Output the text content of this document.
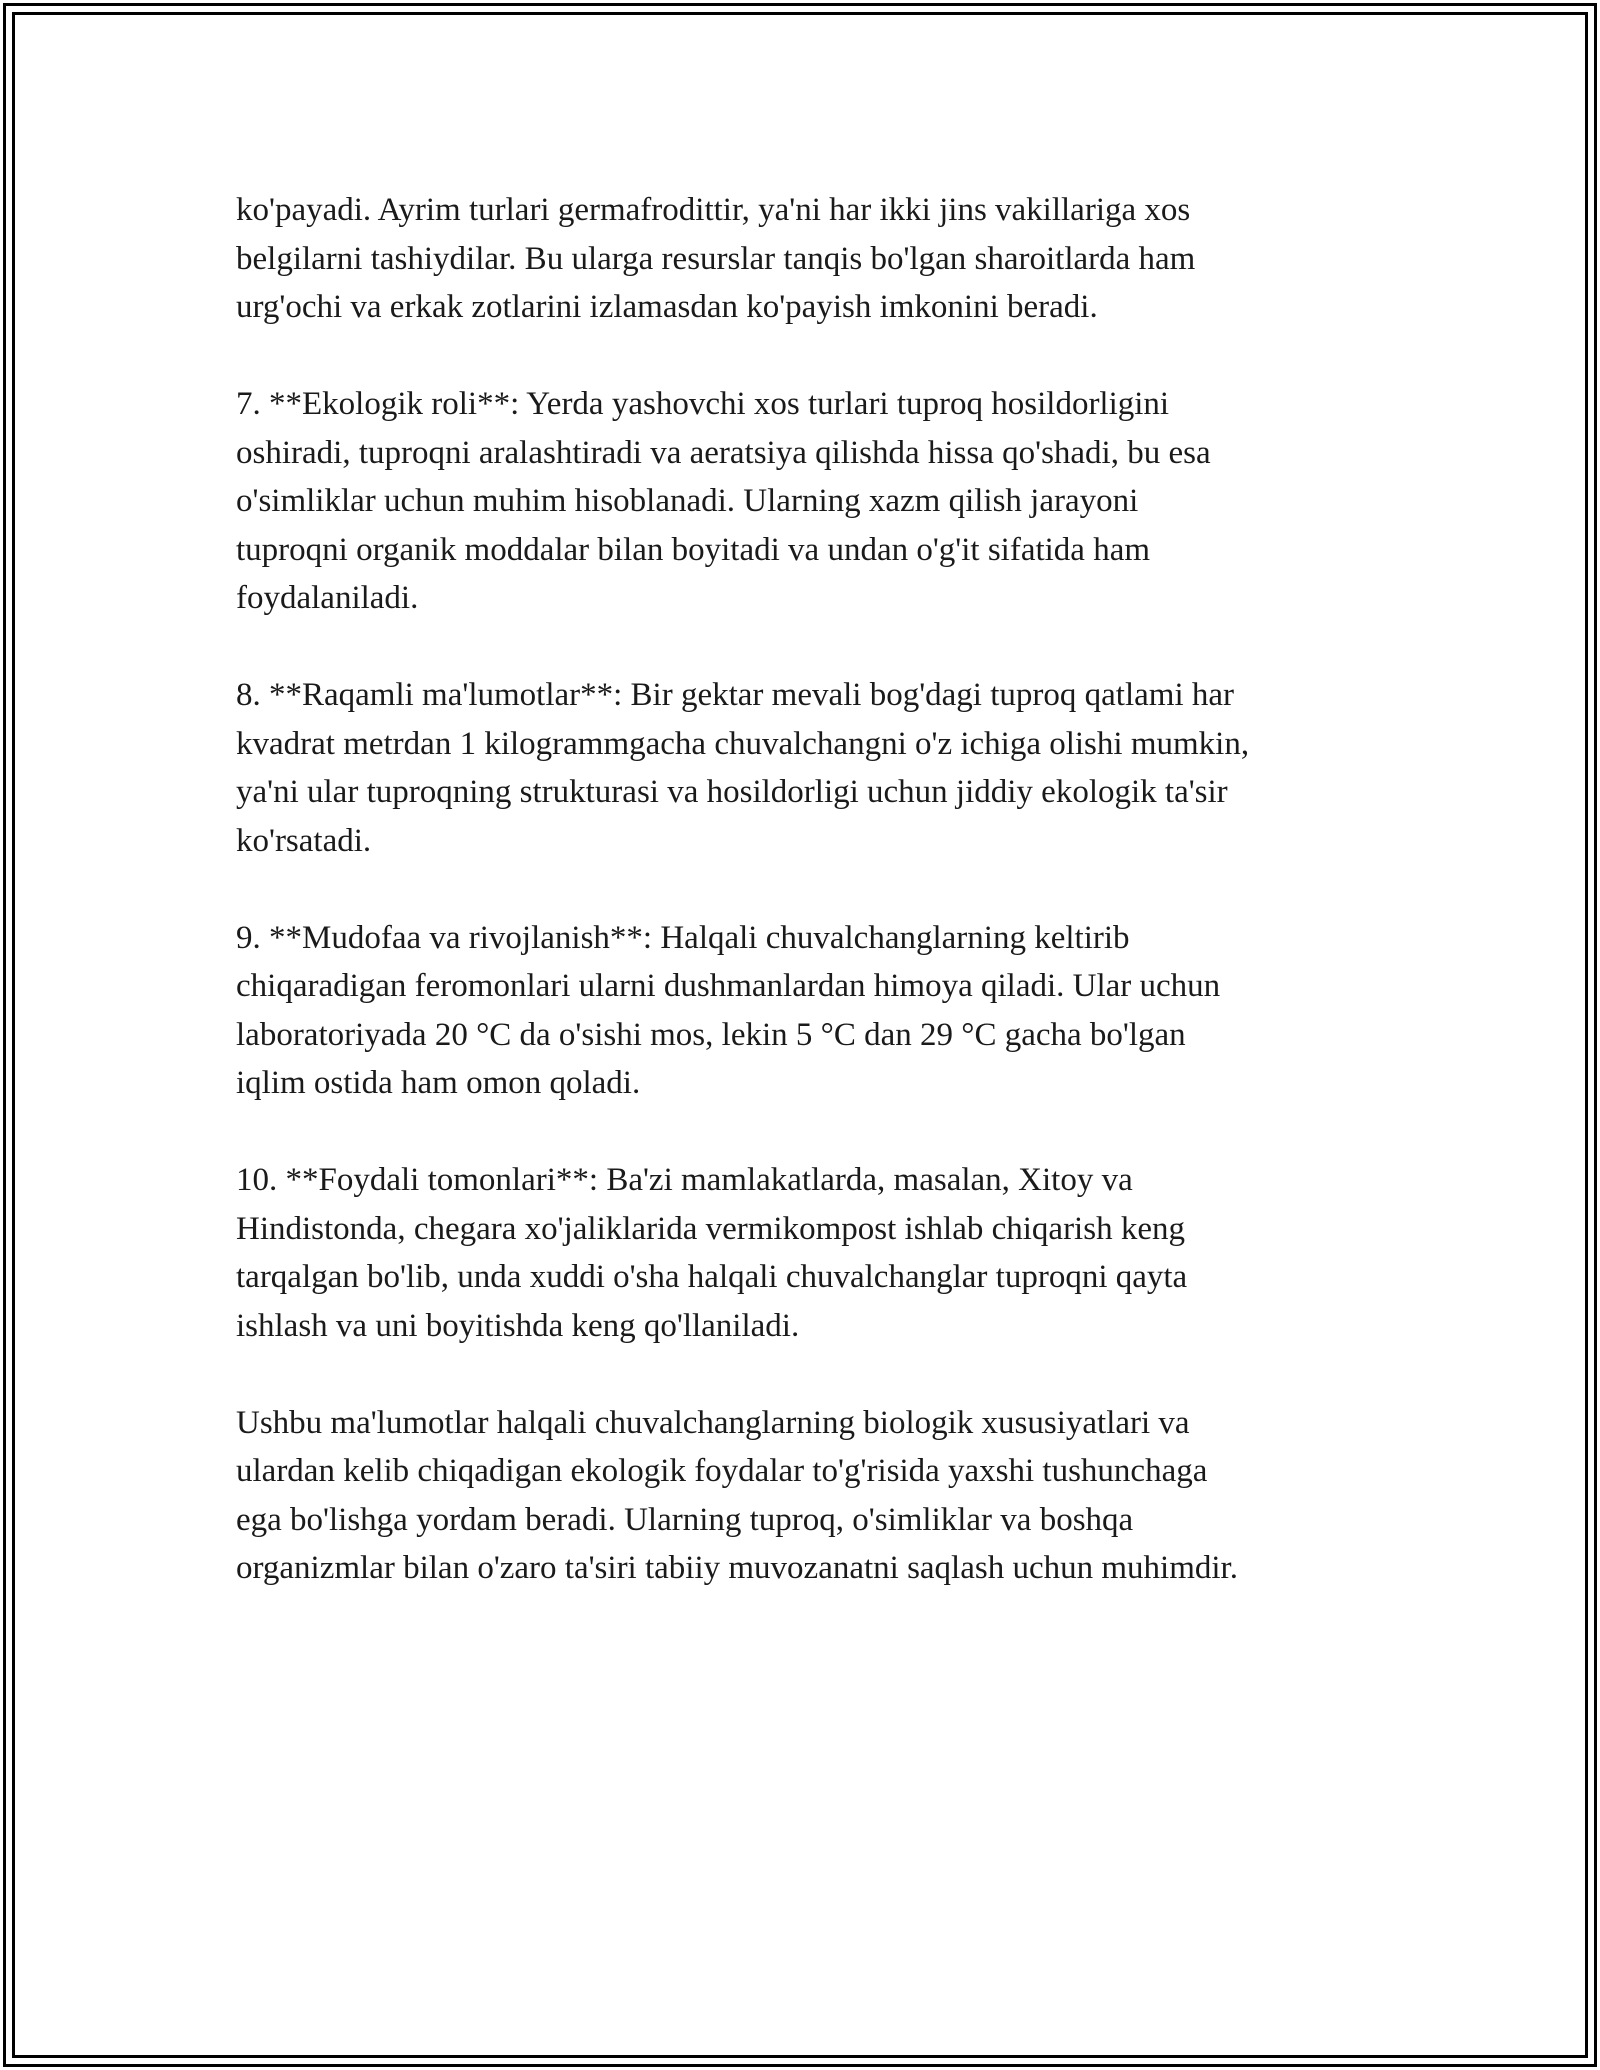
ko'payadi. Ayrim turlari germafrodittir, ya'ni har ikki jins vakillariga xos
belgilarni tashiydilar. Bu ularga resurslar tanqis bo'lgan sharoitlarda ham
urg'ochi va erkak zotlarini izlamasdan ko'payish imkonini beradi.

7. **Ekologik roli**: Yerda yashovchi xos turlari tuproq hosildorligini
oshiradi, tuproqni aralashtiradi va aeratsiya qilishda hissa qo'shadi, bu esa
o'simliklar uchun muhim hisoblanadi. Ularning xazm qilish jarayoni
tuproqni organik moddalar bilan boyitadi va undan o'g'it sifatida ham
foydalaniladi.

8. **Raqamli ma'lumotlar**: Bir gektar mevali bog'dagi tuproq qatlami har
kvadrat metrdan 1 kilogrammgacha chuvalchangni o'z ichiga olishi mumkin,
ya'ni ular tuproqning strukturasi va hosildorligi uchun jiddiy ekologik ta'sir
ko'rsatadi.

9. **Mudofaa va rivojlanish**: Halqali chuvalchanglarning keltirib
chiqaradigan feromonlari ularni dushmanlardan himoya qiladi. Ular uchun
laboratoriyada 20 °C da o'sishi mos, lekin 5 °C dan 29 °C gacha bo'lgan
iqlim ostida ham omon qoladi.

10. **Foydali tomonlari**: Ba'zi mamlakatlarda, masalan, Xitoy va
Hindistonda, chegara xo'jaliklarida vermikompost ishlab chiqarish keng
tarqalgan bo'lib, unda xuddi o'sha halqali chuvalchanglar tuproqni qayta
ishlash va uni boyitishda keng qo'llaniladi.

Ushbu ma'lumotlar halqali chuvalchanglarning biologik xususiyatlari va
ulardan kelib chiqadigan ekologik foydalar to'g'risida yaxshi tushunchaga
ega bo'lishga yordam beradi. Ularning tuproq, o'simliklar va boshqa
organizmlar bilan o'zaro ta'siri tabiiy muvozanatni saqlash uchun muhimdir.
